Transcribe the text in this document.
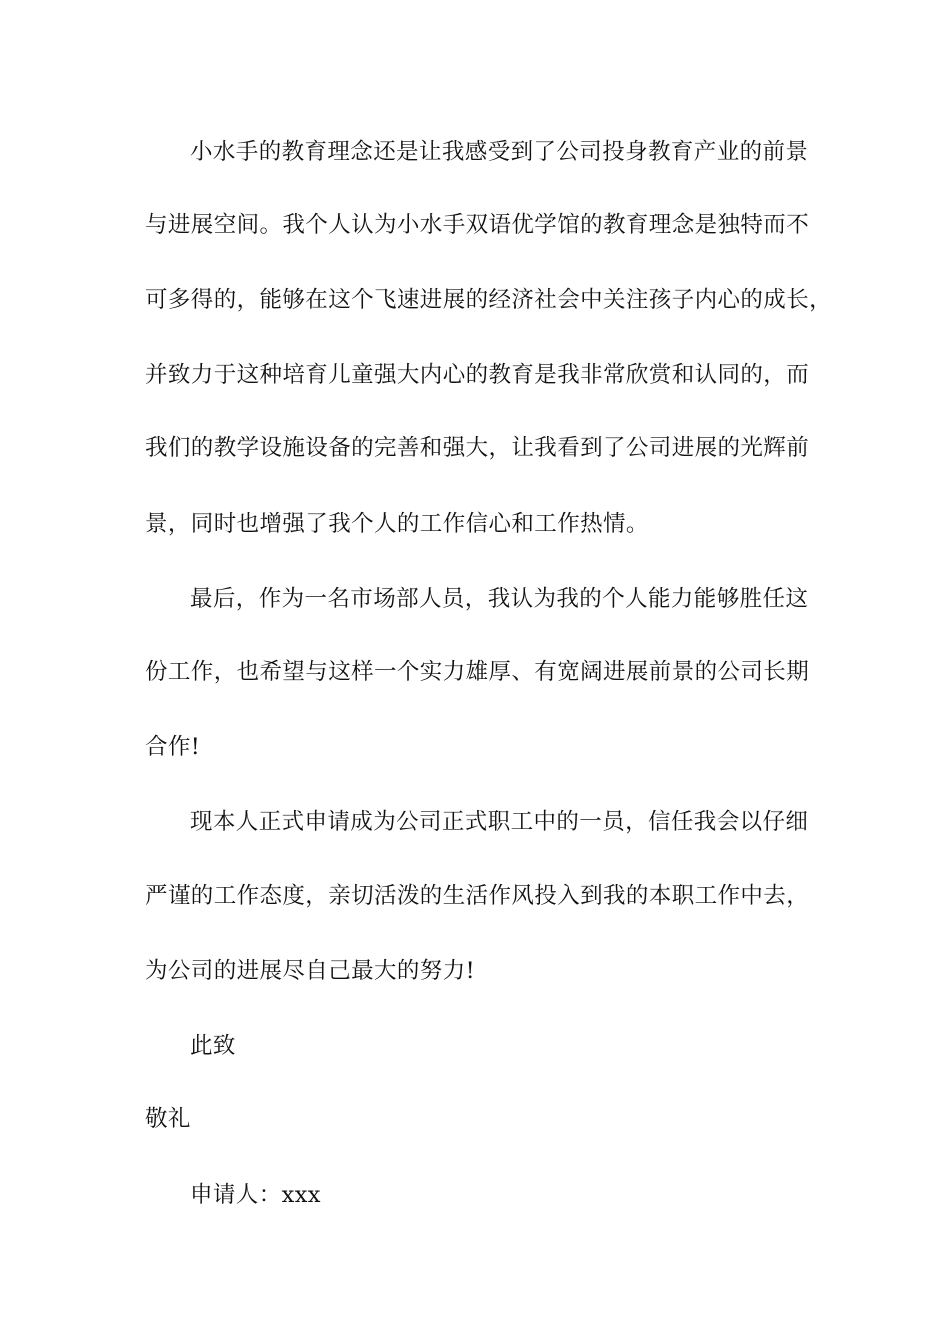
小水手的教育理念还是让我感受到了公司投身教育产业的前景
与进展空间。我个人认为小水手双语优学馆的教育理念是独特而不
可多得的，能够在这个飞速进展的经济社会中关注孩子内心的成长，
并致力于这种培育儿童强大内心的教育是我非常欣赏和认同的，而
我们的教学设施设备的完善和强大，让我看到了公司进展的光辉前
景，同时也增强了我个人的工作信心和工作热情。
最后，作为一名市场部人员，我认为我的个人能力能够胜任这
份工作，也希望与这样一个实力雄厚、有宽阔进展前景的公司长期
合作!
现本人正式申请成为公司正式职工中的一员，信任我会以仔细
严谨的工作态度，亲切活泼的生活作风投入到我的本职工作中去，
为公司的进展尽自己最大的努力!
此致
敬礼
申请人：xxx
